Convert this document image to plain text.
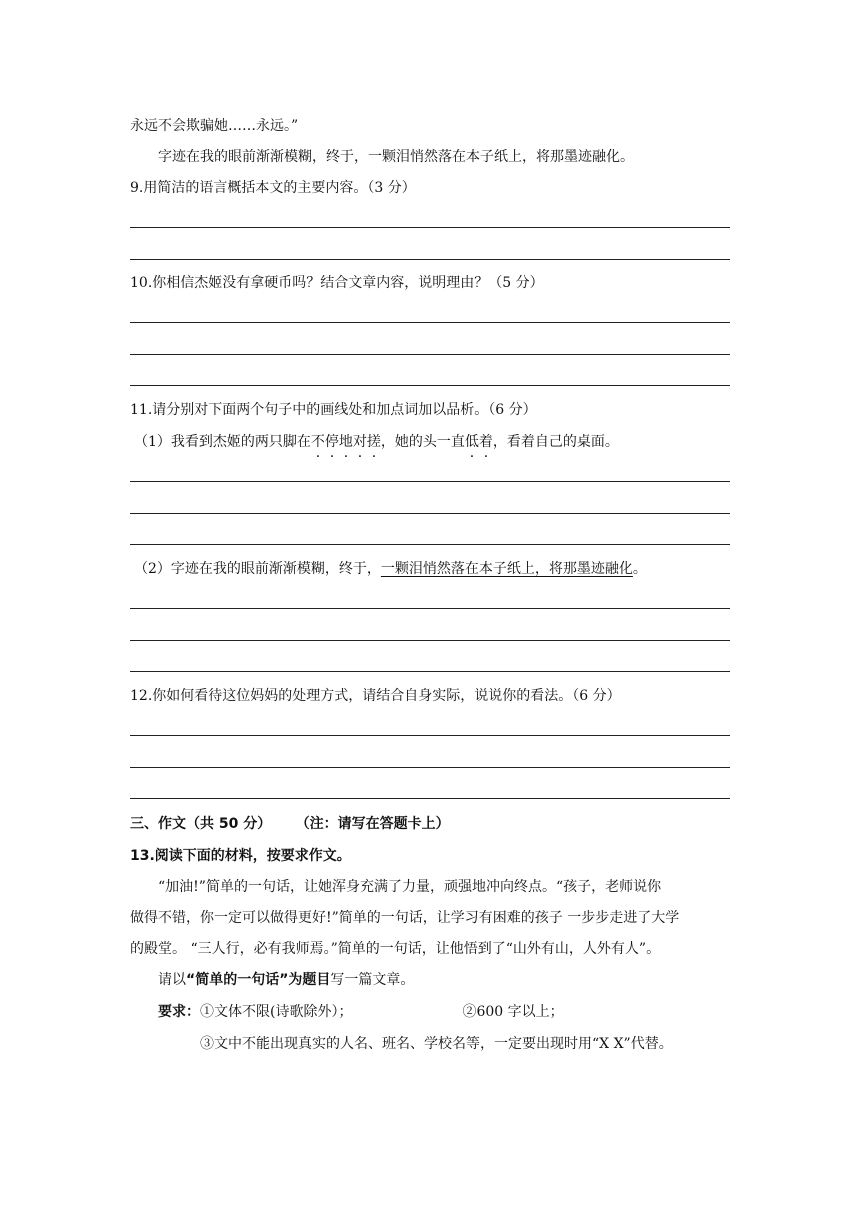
永远不会欺骗她……永远。”
字迹在我的眼前渐渐模糊，终于，一颗泪悄然落在本子纸上，将那墨迹融化。
9.用简洁的语言概括本文的主要内容。（3 分）
10.你相信杰姬没有拿硬币吗？结合文章内容，说明理由？（5 分）
11.请分别对下面两个句子中的画线处和加点词加以品析。（6 分）
（1）我看到杰姬的两只脚在不停地对搓，她的头一直低着，看着自己的桌面。
（2）字迹在我的眼前渐渐模糊，终于，一颗泪悄然落在本子纸上，将那墨迹融化。
12.你如何看待这位妈妈的处理方式，请结合自身实际，说说你的看法。（6 分）
三、作文（共 50 分） （注：请写在答题卡上）
13.阅读下面的材料，按要求作文。
“加油!”简单的一句话，让她浑身充满了力量，顽强地冲向终点。“孩子，老师说你
做得不错，你一定可以做得更好!”简单的一句话，让学习有困难的孩子 一步步走进了大学
的殿堂。 “三人行，必有我师焉。”简单的一句话，让他悟到了“山外有山，人外有人”。
请以“简单的一句话”为题目写一篇文章。
要求：①文体不限(诗歌除外）；	②600 字以上；
③文中不能出现真实的人名、班名、学校名等，一定要出现时用“X X”代替。
